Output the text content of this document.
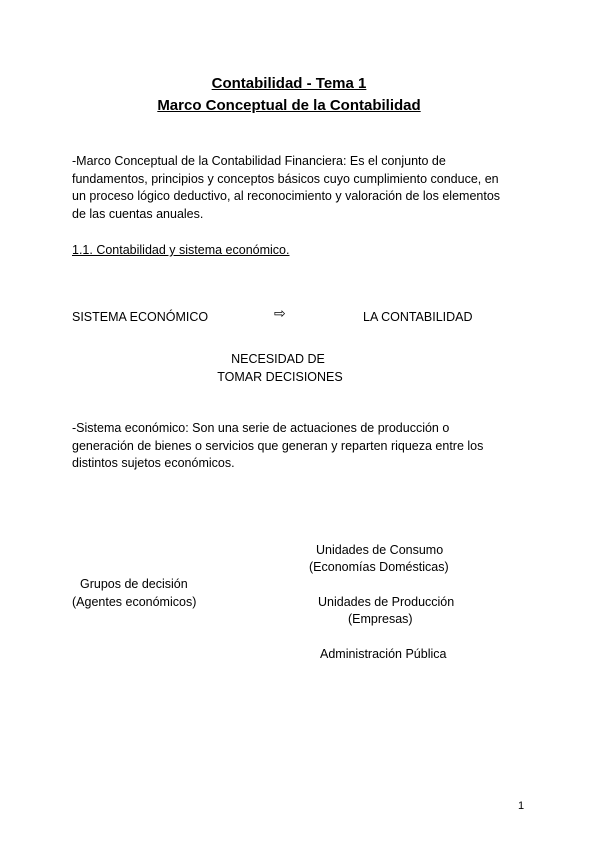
Contabilidad - Tema 1
Marco Conceptual de la Contabilidad
-Marco Conceptual de la Contabilidad Financiera: Es el conjunto de
fundamentos, principios y conceptos básicos cuyo cumplimiento conduce, en
un proceso lógico deductivo, al reconocimiento y valoración de los elementos
de las cuentas anuales.
1.1. Contabilidad y sistema económico.
SISTEMA ECONÓMICO	⇨	LA CONTABILIDAD
NECESIDAD DE
TOMAR DECISIONES
-Sistema económico: Son una serie de actuaciones de producción o
generación de bienes o servicios que generan y reparten riqueza entre los
distintos sujetos económicos.
Unidades de Consumo
(Economías Domésticas)
Grupos de decisión
(Agentes económicos)	Unidades de Producción
(Empresas)
Administración Pública
1
